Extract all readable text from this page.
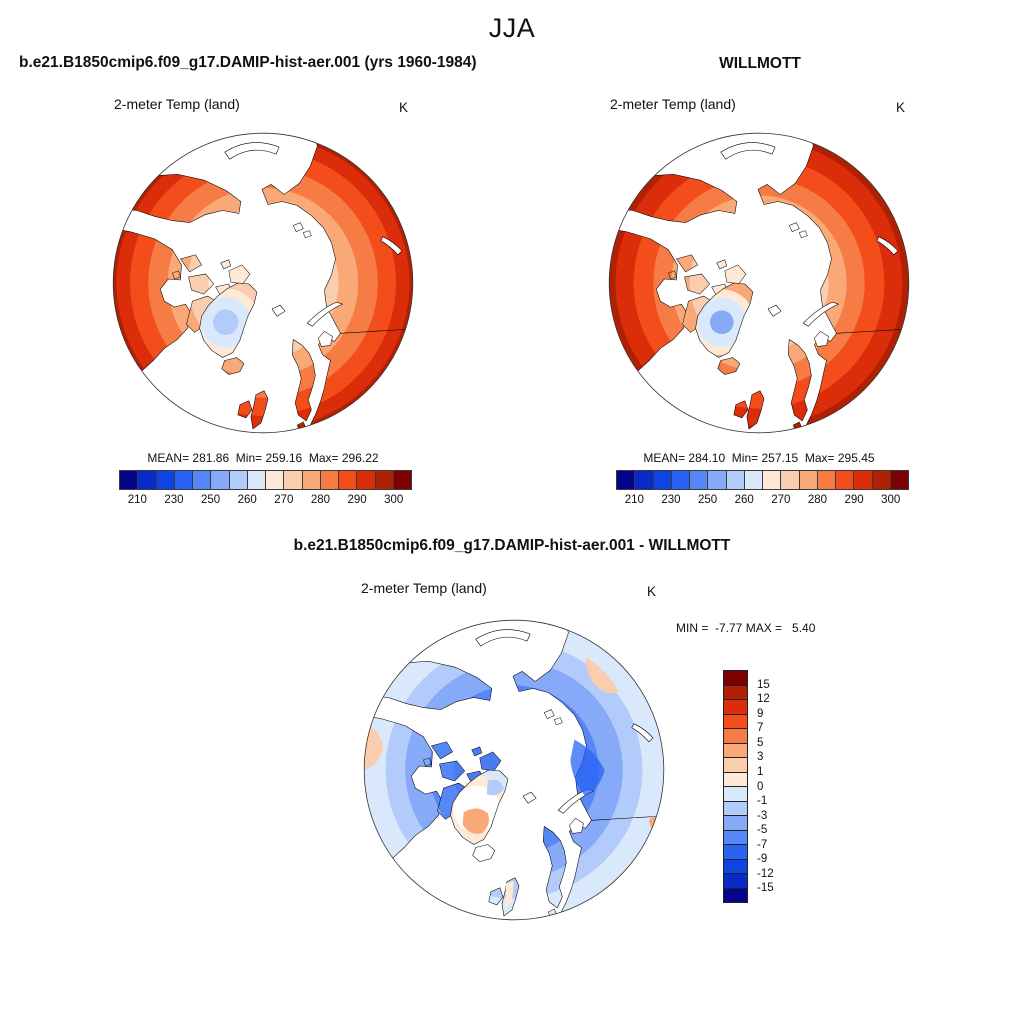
JJA
b.e21.B1850cmip6.f09_g17.DAMIP-hist-aer.001 (yrs 1960-1984)	WILLMOTT
2-meter Temp (land)	K	2-meter Temp (land)	K
MEAN= 281.86  Min= 259.16  Max= 296.22	MEAN= 284.10  Min= 257.15  Max= 295.45
210 230 250 260 270 280 290 300	210 230 250 260 270 280 290 300
b.e21.B1850cmip6.f09_g17.DAMIP-hist-aer.001 - WILLMOTT
2-meter Temp (land)	K
MIN =  -7.77 MAX =   5.40
15
12
9
7
5
3
1
0
-1
-3
-5
-7
-9
-12
-15
